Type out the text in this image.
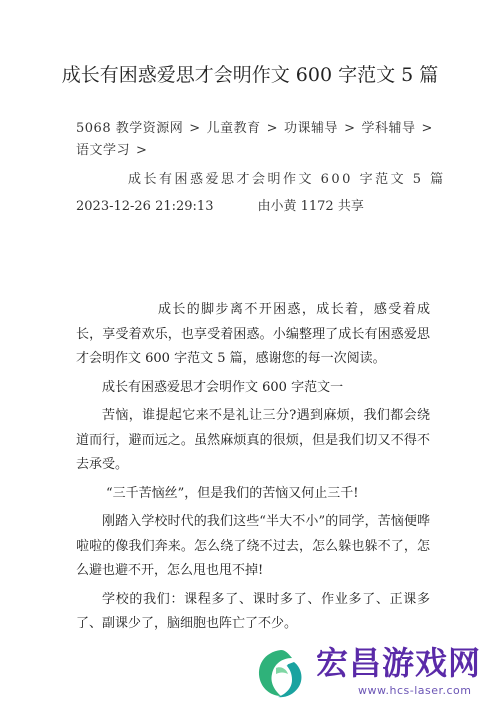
成长有困惑爱思才会明作文 600 字范文 5 篇
5068 教学资源网 > 儿童教育 > 功课辅导 > 学科辅导 >语文学习 >
成长有困惑爱思才会明作文 600 字范文 5 篇
2023-12-26 21:29:13	由小黄 1172 共享

成长的脚步离不开困惑，成长着，感受着成长，享受着欢乐，也享受着困惑。小编整理了成长有困惑爱思才会明作文 600 字范文 5 篇，感谢您的每一次阅读。

成长有困惑爱思才会明作文 600 字范文一

苦恼，谁提起它来不是礼让三分?遇到麻烦，我们都会绕道而行，避而远之。虽然麻烦真的很烦，但是我们切又不得不去承受。

“三千苦恼丝”，但是我们的苦恼又何止三千!

刚踏入学校时代的我们这些“半大不小”的同学，苦恼便哗啦啦的像我们奔来。怎么绕了绕不过去，怎么躲也躲不了，怎么避也避不开，怎么甩也甩不掉!

学校的我们：课程多了、课时多了、作业多了、正课多了、副课少了，脑细胞也阵亡了不少。

宏昌游戏网
www.hcs-laser.com
